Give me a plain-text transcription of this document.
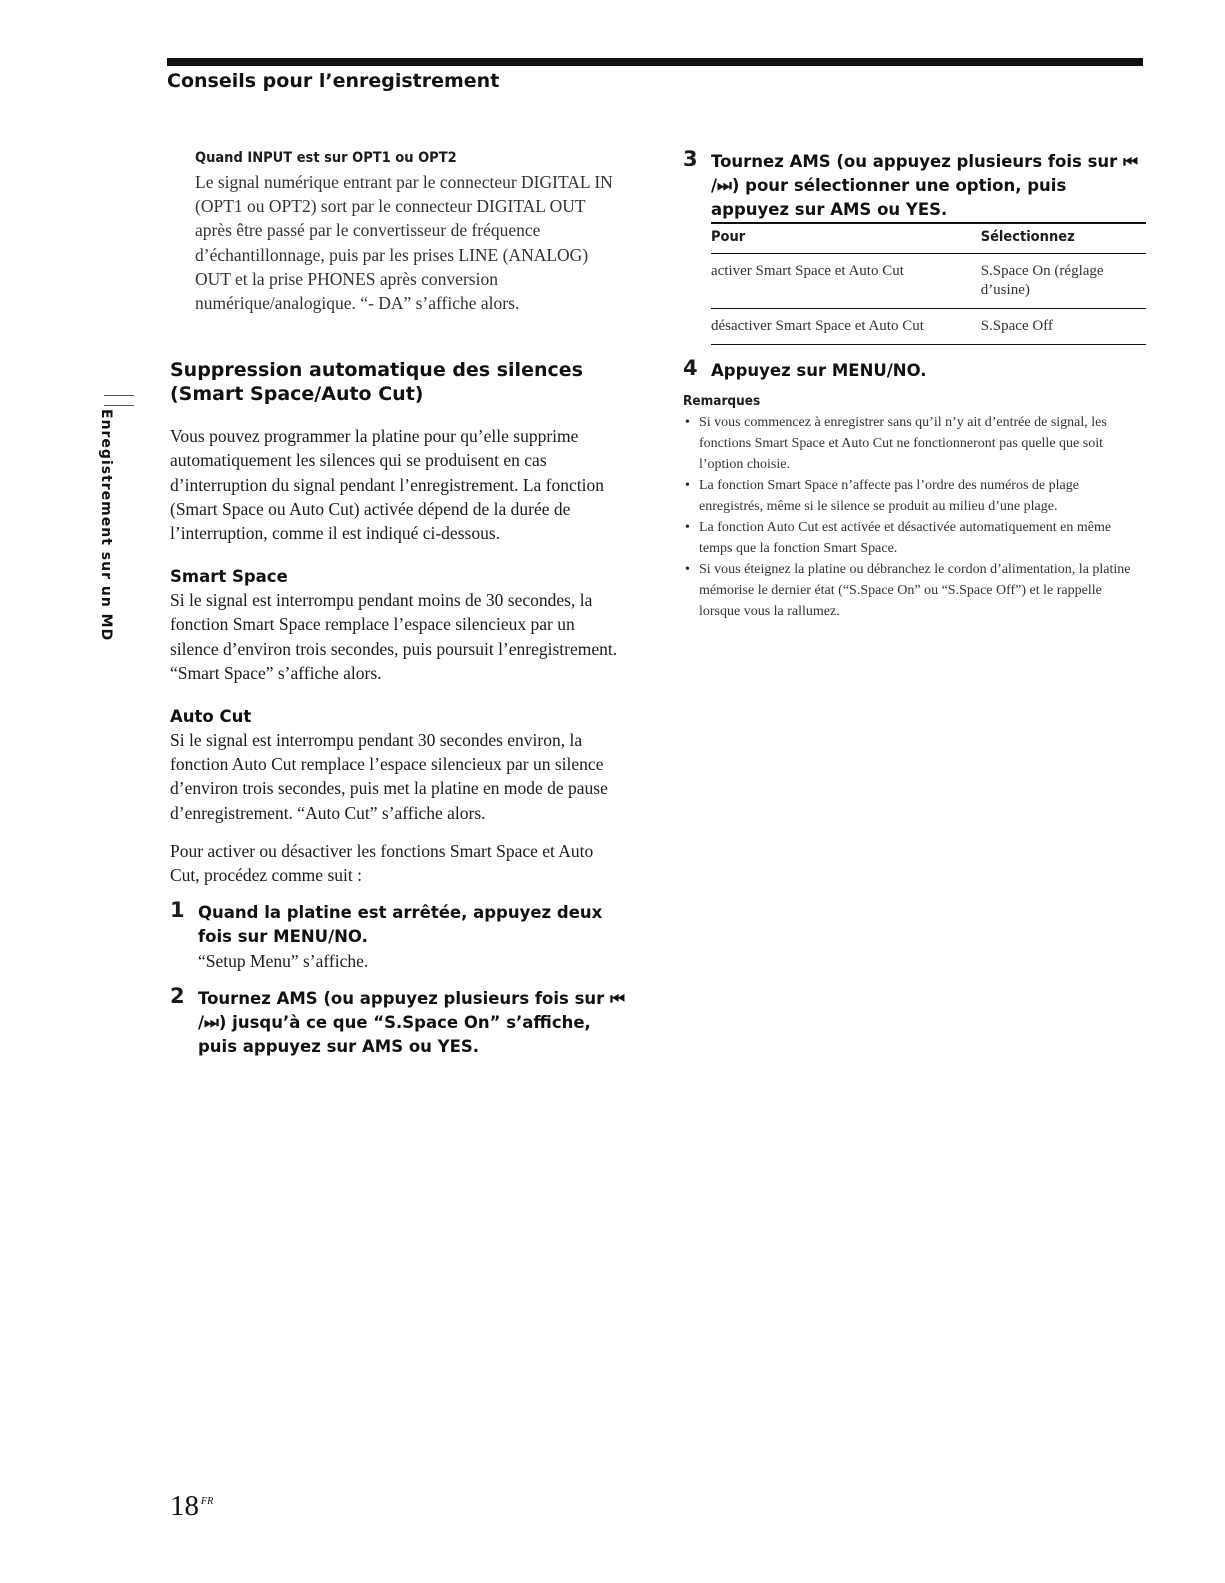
Conseils pour l’enregistrement
Enregistrement sur un MD

Quand INPUT est sur OPT1 ou OPT2

Le signal numérique entrant par le connecteur DIGITAL IN (OPT1 ou OPT2) sort par le connecteur DIGITAL OUT après être passé par le convertisseur de fréquence d’échantillonnage, puis par les prises LINE (ANALOG) OUT et la prise PHONES après conversion numérique/analogique. “- DA” s’affiche alors.

Suppression automatique des silences
(Smart Space/Auto Cut)

Vous pouvez programmer la platine pour qu’elle supprime automatiquement les silences qui se produisent en cas d’interruption du signal pendant l’enregistrement. La fonction (Smart Space ou Auto Cut) activée dépend de la durée de l’interruption, comme il est indiqué ci-dessous.

Smart Space

Si le signal est interrompu pendant moins de 30 secondes, la fonction Smart Space remplace l’espace silencieux par un silence d’environ trois secondes, puis poursuit l’enregistrement. “Smart Space” s’affiche alors.

Auto Cut

Si le signal est interrompu pendant 30 secondes environ, la fonction Auto Cut remplace l’espace silencieux par un silence d’environ trois secondes, puis met la platine en mode de pause d’enregistrement. “Auto Cut” s’affiche alors.

Pour activer ou désactiver les fonctions Smart Space et Auto Cut, procédez comme suit :

1 Quand la platine est arrêtée, appuyez deux fois sur MENU/NO.

“Setup Menu” s’affiche.

2 Tournez AMS (ou appuyez plusieurs fois sur ⏮ /⏭) jusqu’à ce que “S.Space On” s’affiche, puis appuyez sur AMS ou YES.

3 Tournez AMS (ou appuyez plusieurs fois sur ⏮ /⏭) pour sélectionner une option, puis appuyez sur AMS ou YES.

Pour	Sélectionnez
activer Smart Space et Auto Cut	S.Space On (réglage d’usine)
désactiver Smart Space et Auto Cut	S.Space Off
4 Appuyez sur MENU/NO.

Remarques

• Si vous commencez à enregistrer sans qu’il n’y ait d’entrée de signal, les fonctions Smart Space et Auto Cut ne fonctionneront pas quelle que soit l’option choisie.
• La fonction Smart Space n’affecte pas l’ordre des numéros de plage enregistrés, même si le silence se produit au milieu d’une plage.
• La fonction Auto Cut est activée et désactivée automatiquement en même temps que la fonction Smart Space.
• Si vous éteignez la platine ou débranchez le cordon d’alimentation, la platine mémorise le dernier état (“S.Space On” ou “S.Space Off”) et le rappelle lorsque vous la rallumez.
18 $^{FR}$
